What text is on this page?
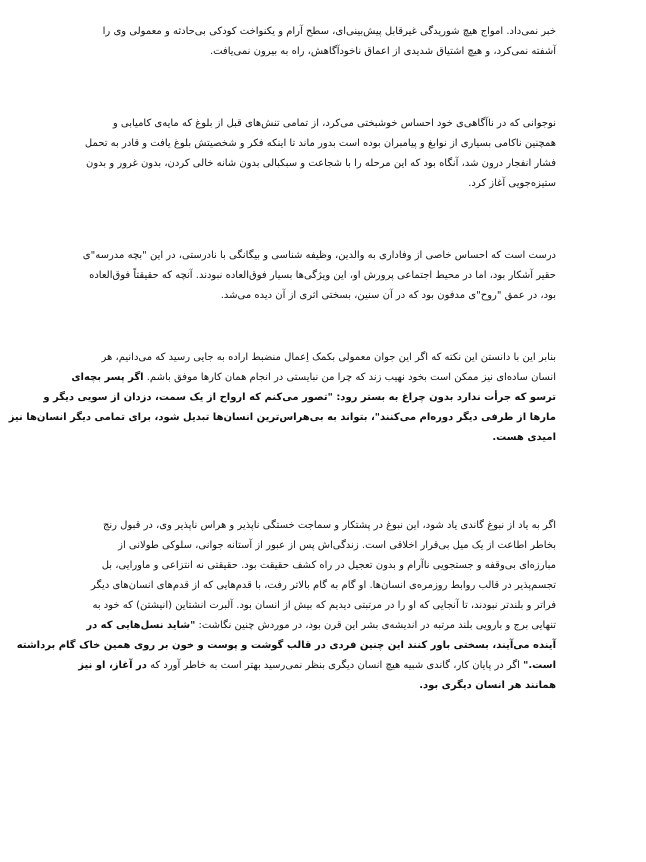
خبر نمی‌داد. امواج هیچ شوریدگی غیرقابل پیش‌بینی‌ای، سطح آرام و یکنواخت کودکی بی‌حادثه و معمولی وی را
آشفته نمی‌کرد، و هیچ اشتیاق شدیدی از اعماق ناخودآگاهش، راه به بیرون نمی‌یافت.
نوجوانی که در ناآگاهی‌ی خود احساس خوشبختی می‌کرد، از تمامی تنش‌های قبل از بلوغ که مایه‌ی کامیابی و
همچنین ناکامی بسیاری از نوابغ و پیامبران بوده است بدور ماند تا اینکه فکر و شخصیتش بلوغ یافت و قادر به تحمل
فشار انفجار درون شد، آنگاه بود که این مرحله را با شجاعت و سبکبالی بدون شانه خالی کردن، بدون غرور و بدون
ستیزه‌جویی آغاز کرد.
درست است که احساس خاصی از وفاداری به والدین، وظیفه شناسی و بیگانگی با نادرستی، در این "بچه مدرسه"ی
حقیر آشکار بود، اما در محیط اجتماعی پرورش او، این ویژگی‌ها بسیار فوق‌العاده نبودند. آنچه که حقیقتاً فوق‌العاده
بود، در عمق "روح"ی مدفون بود که در آن سنین، بسختی اثری از آن دیده می‌شد.
بنابر این با دانستن این نکته که اگر این جوان معمولی بکمک اِعمال منضبط اراده به جایی رسید که می‌دانیم، هر
انسان ساده‌ای نیز ممکن است بخود نهیب زند که چرا من نبایستی در انجام همان کارها موفق باشم. اگر پسر بچه‌ای
ترسو که جرأت ندارد بدون چراغ به بستر رود: "تصور می‌کنم که ارواح از یک سمت، دزدان از سویی دیگر و
مارها از طرفی دیگر دوره‌ام می‌کنند"، بتواند به بی‌هراس‌ترین انسان‌ها تبدیل شود، برای تمامی دیگر انسان‌ها نیز
امیدی هست.
اگر به یاد از نبوغ گاندی یاد شود، این نبوغ در پشتکار و سماجت خستگی ناپذیر و هراس ناپذیر وی، در قبول رنج
بخاطر اطاعت از یک میل بی‌قرار اخلاقی است. زندگی‌اش پس از عبور از آستانه جوانی، سلوکی طولانی از
مبارزه‌ای بی‌وقفه و جستجویی ناآرام و بدون تعجیل در راه کشف حقیقت بود. حقیقتی نه انتزاعی و ماورایی، بل
تجسم‌پذیر در قالب روابط روزمره‌ی انسان‌ها. او گام به گام بالاتر رفت، با قدم‌هایی که از قدم‌های انسان‌های دیگر
فراتر و بلندتر نبودند، تا آنجایی که او را در مرتبتی دیدیم که بیش از انسان بود. آلبرت انشتاین (انیشتن) که خود به
تنهایی برج و بارویی بلند مرتبه در اندیشه‌ی بشر این قرن بود، در موردش چنین نگاشت: "شاید نسل‌هایی که در
آینده می‌آیند، بسختی باور کنند این چنین فردی در قالب گوشت و پوست و خون بر روی همین خاک گام برداشته
است." اگر در پایان کار، گاندی شبیه هیچ انسان دیگری بنظر نمی‌رسید بهتر است به خاطر آورد که در آغاز، او نیز
همانند هر انسان دیگری بود.
